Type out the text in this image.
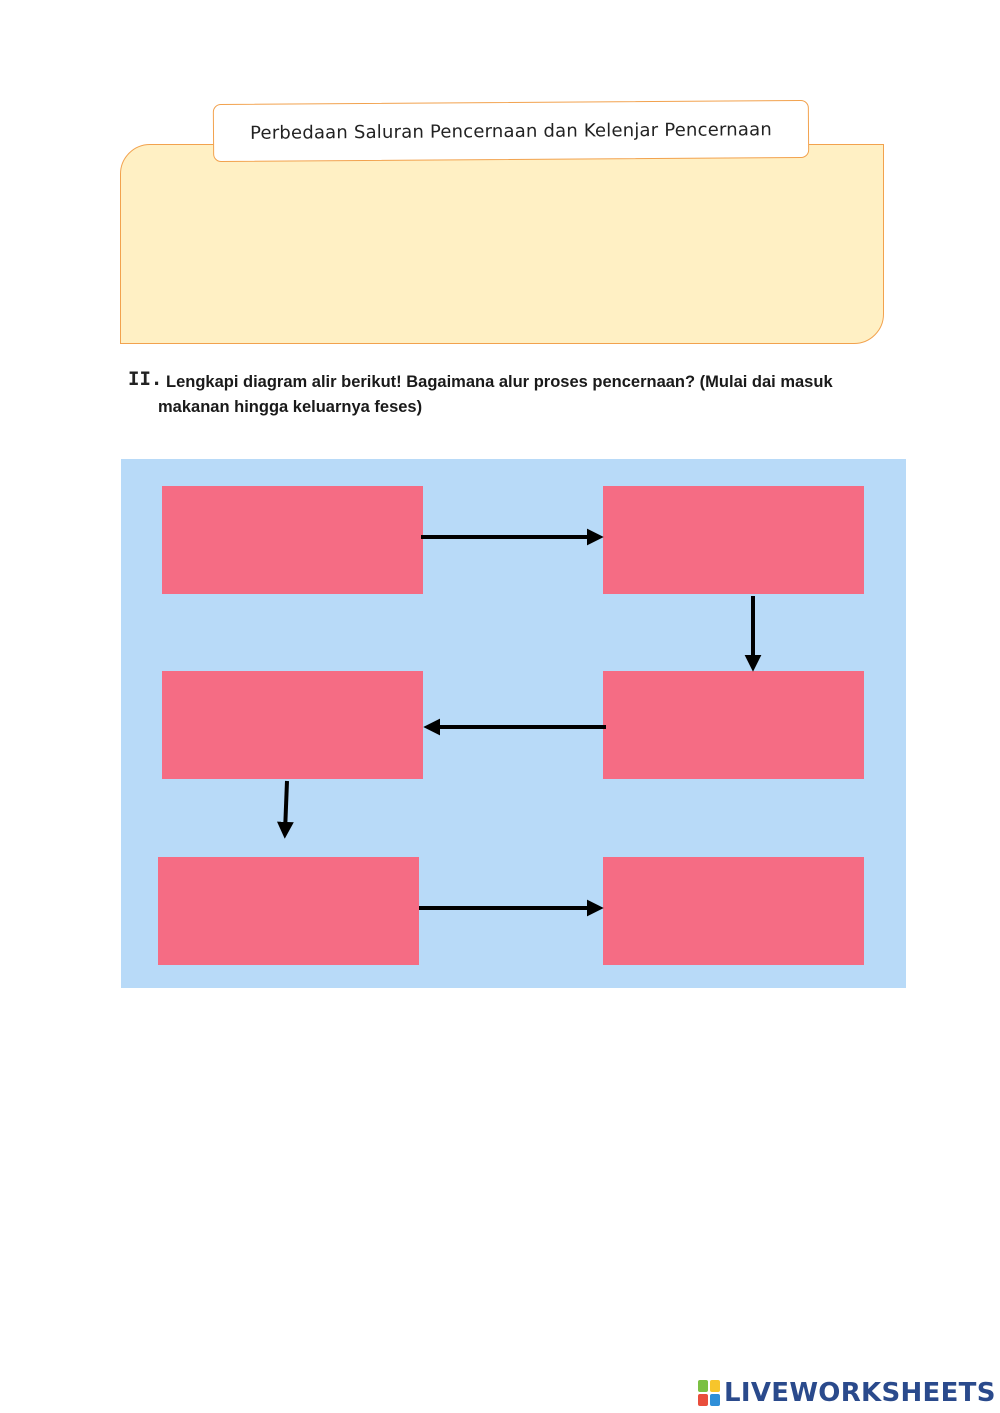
Perbedaan Saluran Pencernaan dan Kelenjar Pencernaan
II. Lengkapi diagram alir berikut! Bagaimana alur proses pencernaan? (Mulai dai masuk
makanan hingga keluarnya feses)
LIVEWORKSHEETS
